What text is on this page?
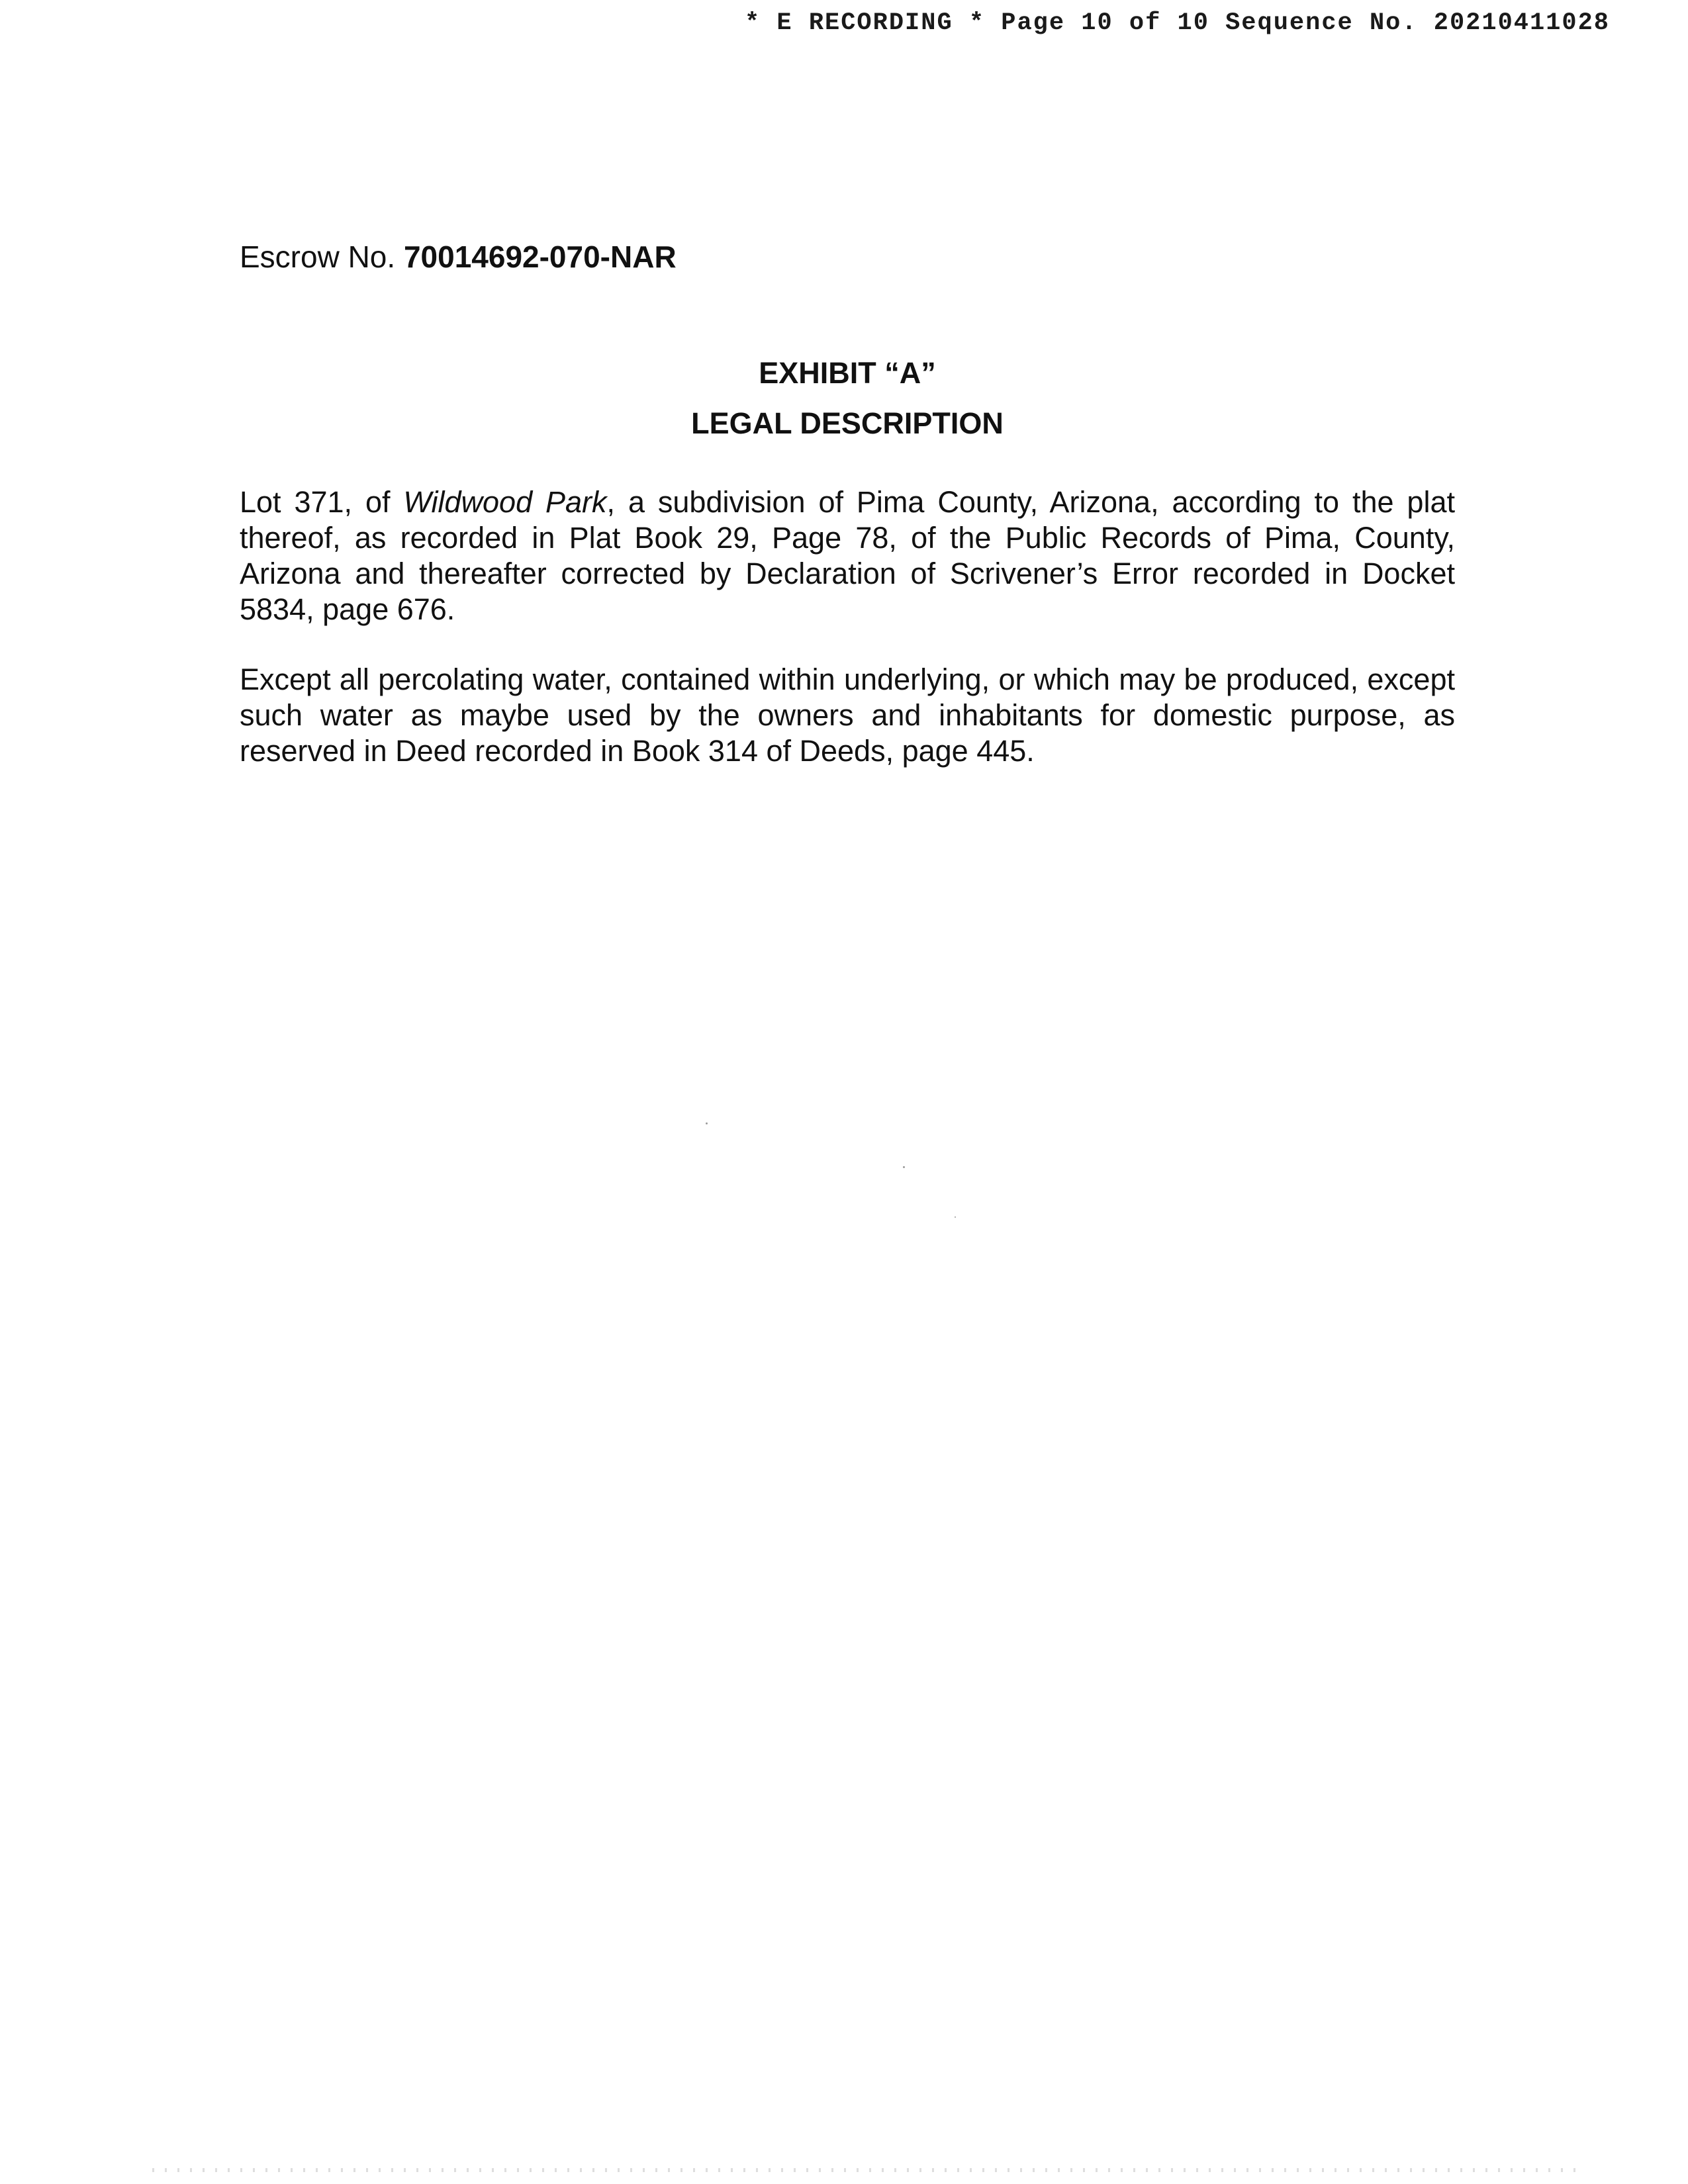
* E RECORDING * Page 10 of 10 Sequence No. 20210411028

Escrow No. 70014692-070-NAR

EXHIBIT “A”

LEGAL DESCRIPTION

Lot 371, of Wildwood Park, a subdivision of Pima County, Arizona, according to the plat thereof, as recorded in Plat Book 29, Page 78, of the Public Records of Pima, County, Arizona and thereafter corrected by Declaration of Scrivener’s Error recorded in Docket 5834, page 676.

Except all percolating water, contained within underlying, or which may be produced, except such water as maybe used by the owners and inhabitants for domestic purpose, as reserved in Deed recorded in Book 314 of Deeds, page 445.
